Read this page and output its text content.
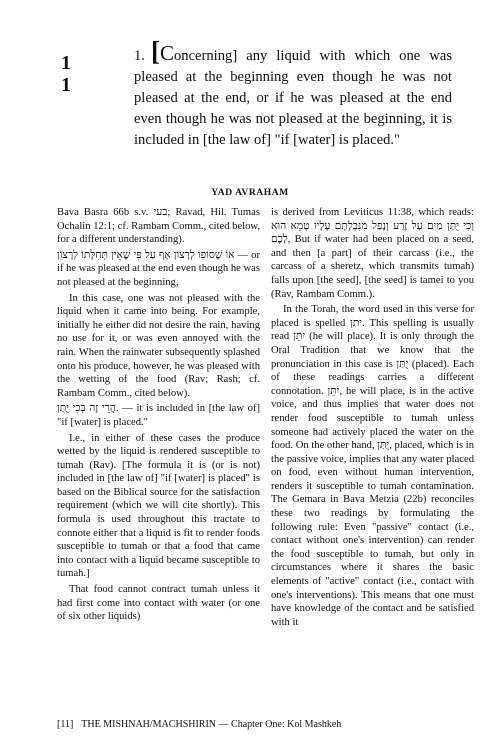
1
1

1. [Concerning] any liquid with which one was pleased at the beginning even though he was not pleased at the end, or if he was pleased at the end even though he was not pleased at the beginning, it is included in [the law of] "if [water] is placed."

YAD AVRAHAM

Bava Basra 66b s.v. בעי; Ravad, Hil. Tumas Ochalin 12:1; cf. Rambam Comm., cited below, for a different understanding).

אוֹ שֶׁסּוֹפוֹ לְרָצוֹן אַף עַל פִּי שֶׁאֵין תְּחִלָּתוֹ לְרָצוֹן — or if he was pleased at the end even though he was not pleased at the beginning,

In this case, one was not pleased with the liquid when it came into being. For example, initially he either did not desire the rain, having no use for it, or was even annoyed with the rain. When the rainwater subsequently splashed onto his produce, however, he was pleased with the wetting of the food (Rav; Rash; cf. Rambam Comm., cited below).

הֲרֵי זֶה בְּכִי יֻתַּן. — it is included in [the law of] "if [water] is placed."

I.e., in either of these cases the produce wetted by the liquid is rendered susceptible to tumah (Rav). [The formula it is (or is not) included in [the law of] "if [water] is placed" is based on the Biblical source for the satisfaction requirement (which we will cite shortly). This formula is used throughout this tractate to connote either that a liquid is fit to render foods susceptible to tumah or that a food that came into contact with a liquid became susceptible to tumah.]

That food cannot contract tumah unless it had first come into contact with water (or one of six other liquids)

is derived from Leviticus 11:38, which reads: וְכִי יֻתַּן מַיִם עַל זֶרַע וְנָפַל מִנִּבְלָתָם עָלָיו טָמֵא הוּא לָכֶם, But if water had been placed on a seed, and then [a part] of their carcass (i.e., the carcass of a sheretz, which transmits tumah) falls upon [the seed], [the seed] is tamei to you (Rav, Rambam Comm.).

In the Torah, the word used in this verse for placed is spelled יתן. This spelling is usually read יִתֵּן (he will place). It is only through the Oral Tradition that we know that the pronunciation in this case is יֻתַּן (placed). Each of these readings carries a different connotation. יִתֵּן, he will place, is in the active voice, and thus implies that water does not render food susceptible to tumah unless someone had actively placed the water on the food. On the other hand, יֻתַּן, placed, which is in the passive voice, implies that any water placed on food, even without human intervention, renders it susceptible to tumah contamination. The Gemara in Bava Metzia (22b) reconciles these two readings by formulating the following rule: Even "passive" contact (i.e., contact without one's intervention) can render the food susceptible to tumah, but only in circumstances where it shares the basic elements of "active" contact (i.e., contact with one's interventions). This means that one must have knowledge of the contact and be satisfied with it

[11] THE MISHNAH/MACHSHIRIN — Chapter One: Kol Mashkeh
